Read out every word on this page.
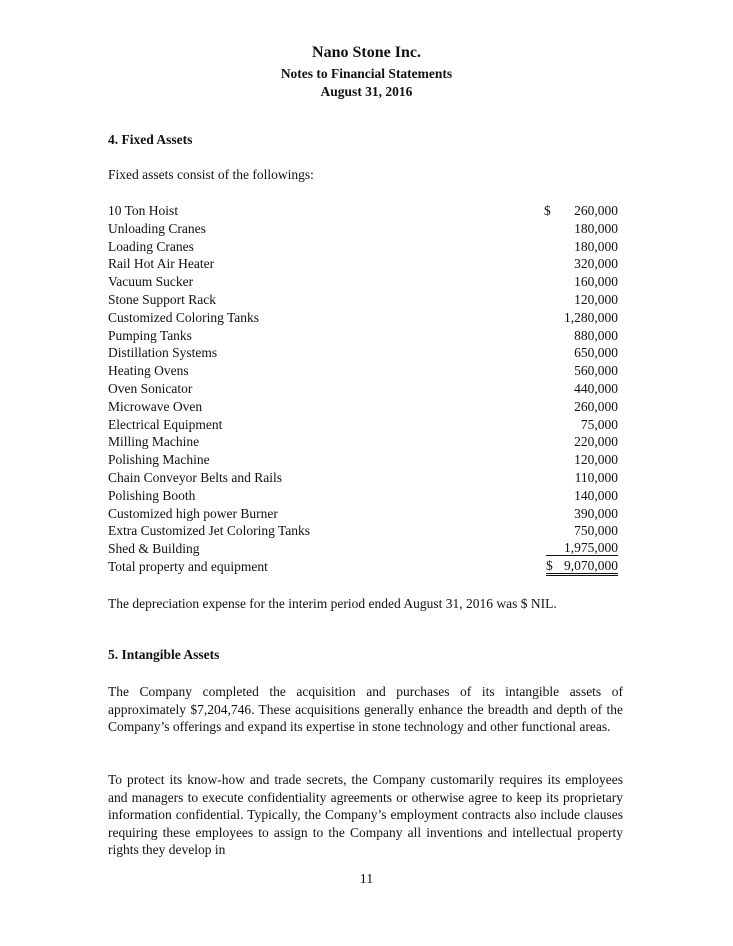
Nano Stone Inc.
Notes to Financial Statements
August 31, 2016
4. Fixed Assets
Fixed assets consist of the followings:
10 Ton Hoist	$ 260,000
Unloading Cranes	180,000
Loading Cranes	180,000
Rail Hot Air Heater	320,000
Vacuum Sucker	160,000
Stone Support Rack	120,000
Customized Coloring Tanks	1,280,000
Pumping Tanks	880,000
Distillation Systems	650,000
Heating Ovens	560,000
Oven Sonicator	440,000
Microwave Oven	260,000
Electrical Equipment	75,000
Milling Machine	220,000
Polishing Machine	120,000
Chain Conveyor Belts and Rails	110,000
Polishing Booth	140,000
Customized high power Burner	390,000
Extra Customized Jet Coloring Tanks	750,000
Shed & Building	1,975,000
Total property and equipment	$ 9,070,000
The depreciation expense for the interim period ended August 31, 2016 was $ NIL.
5. Intangible Assets
The Company completed the acquisition and purchases of its intangible assets of approximately $7,204,746. These acquisitions generally enhance the breadth and depth of the Company’s offerings and expand its expertise in stone technology and other functional areas.
To protect its know-how and trade secrets, the Company customarily requires its employees and managers to execute confidentiality agreements or otherwise agree to keep its proprietary information confidential. Typically, the Company’s employment contracts also include clauses requiring these employees to assign to the Company all inventions and intellectual property rights they develop in
11
